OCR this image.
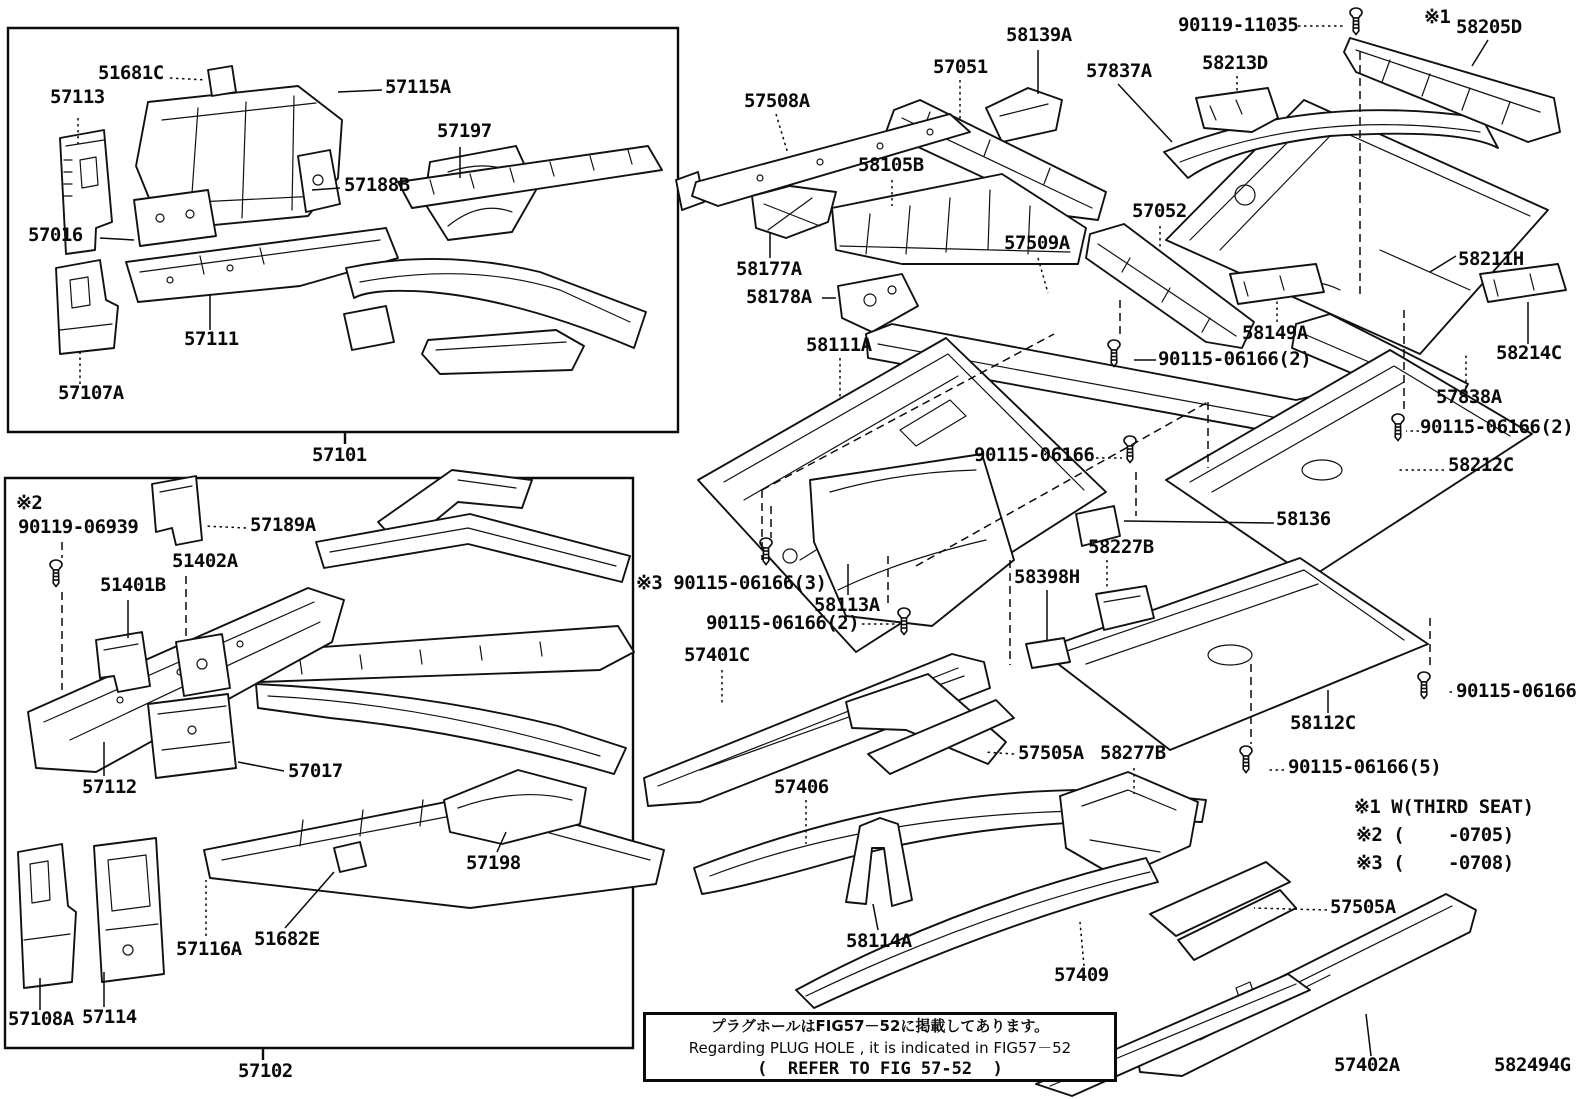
51681C
57113	57115A
57197
57188B
57016
57111
57107A
57101
※2
90119-06939	57189A
51402A
51401B
57112
57017
57116A 51682E
57198
57108A 57114
57102
57508A
57051
58139A	90119-11035	※1 58205D
57837A	58213D
58105B
57052
58211H
57509A
58177A
58178A
58111A
58149A
90115-06166(2)	58214C
57838A
90115-06166(2)
58212C
90115-06166
58136
58227B
58398H
※3 90115-06166(3)
58113A
90115-06166(2)
57401C
57505A
57406
58277B
90115-06166(5)
58112C
90115-06166
※1 W(THIRD SEAT)
※2 (    -0705)
※3 (    -0708)
57505A
58114A
57409
57402A	582494G
プラグホールはFIG57－52に掲載してあります。
Regarding PLUG HOLE , it is indicated in FIG57－52
(  REFER TO FIG 57-52  )
